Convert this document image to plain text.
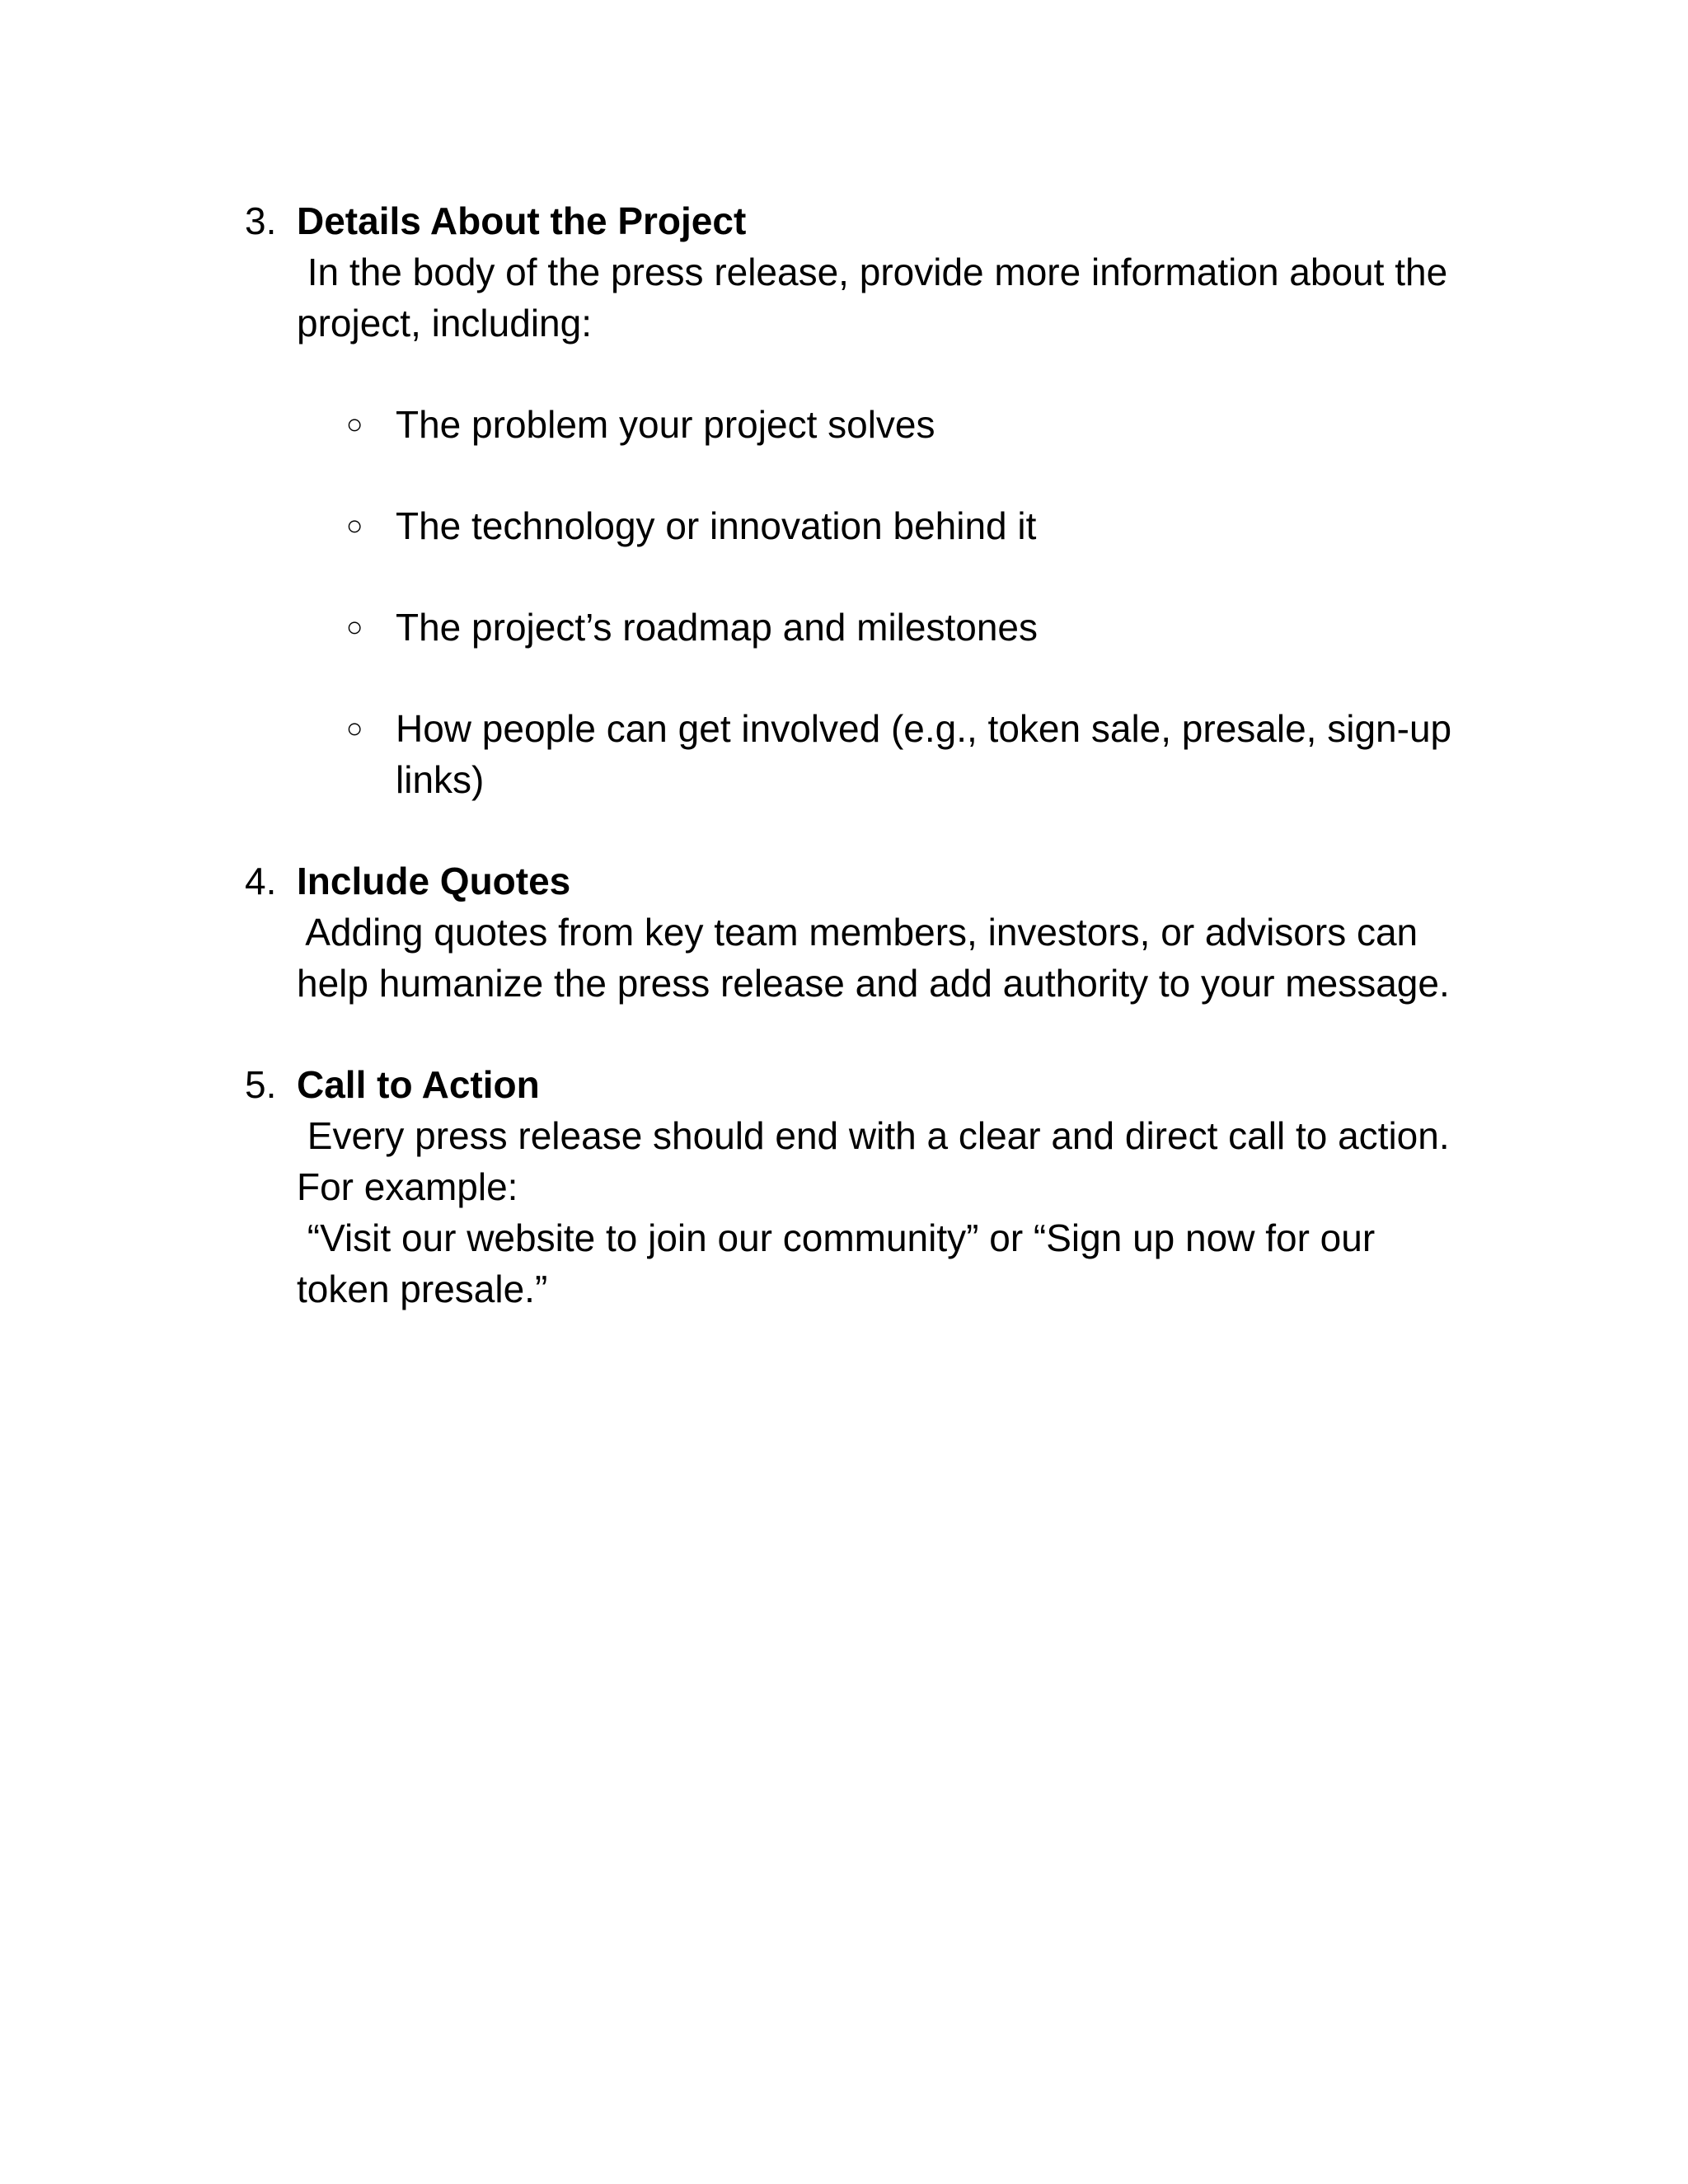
3. Details About the Project
In the body of the press release, provide more information about the
project, including:
○ The problem your project solves
○ The technology or innovation behind it
○ The project’s roadmap and milestones
○ How people can get involved (e.g., token sale, presale, sign-up
links)
4. Include Quotes
Adding quotes from key team members, investors, or advisors can
help humanize the press release and add authority to your message.
5. Call to Action
Every press release should end with a clear and direct call to action.
For example:
“Visit our website to join our community” or “Sign up now for our
token presale.”
